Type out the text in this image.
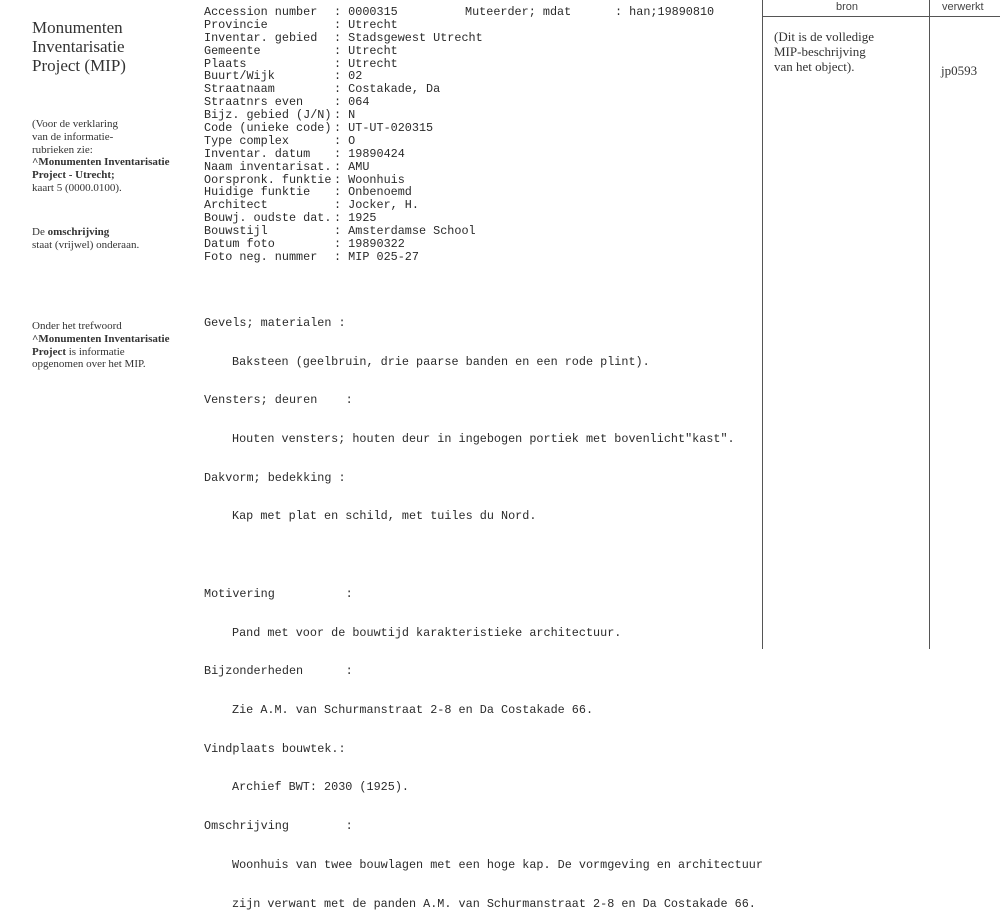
Monumenten
Inventarisatie
Project (MIP)
(Voor de verklaring
van de informatie-
rubrieken zie:
^Monumenten Inventarisatie
Project - Utrecht;
kaart 5 (0000.0100).
De omschrijving
staat (vrijwel) onderaan.
Onder het trefwoord
^Monumenten Inventarisatie
Project is informatie
opgenomen over het MIP.
Accession number : 0000315
Provincie	: Utrecht
Inventar. gebied : Stadsgewest Utrecht
Gemeente	: Utrecht
Plaats	: Utrecht
Buurt/Wijk	: 02
Straatnaam	: Costakade, Da
Straatnrs even	: 064
Bijz. gebied (J/N) : N
Code (unieke code) : UT-UT-020315
Type complex	: O
Inventar. datum : 19890424
Naam inventarisat. : AMU
Oorspronk. funktie : Woonhuis
Huidige funktie : Onbenoemd
Architect	: Jocker, H.
Bouwj. oudste dat. : 1925
Bouwstijl	: Amsterdamse School
Datum foto	: 19890322
Foto neg. nummer : MIP 025-27
Muteerder; mdat	: han;19890810

Gevels; materialen :

Baksteen (geelbruin, drie paarse banden en een rode plint).

Vensters; deuren    :

Houten vensters; houten deur in ingebogen portiek met bovenlicht"kast".

Dakvorm; bedekking :

Kap met plat en schild, met tuiles du Nord.

Motivering          :

Pand met voor de bouwtijd karakteristieke architectuur.

Bijzonderheden      :

Zie A.M. van Schurmanstraat 2-8 en Da Costakade 66.

Vindplaats bouwtek.:

Archief BWT: 2030 (1925).

Omschrijving        :

Woonhuis van twee bouwlagen met een hoge kap. De vormgeving en architectuur

zijn verwant met de panden A.M. van Schurmanstraat 2-8 en Da Costakade 66.

bron	verwerkt
(Dit is de volledige
MIP-beschrijving
van het object).	jp0593
